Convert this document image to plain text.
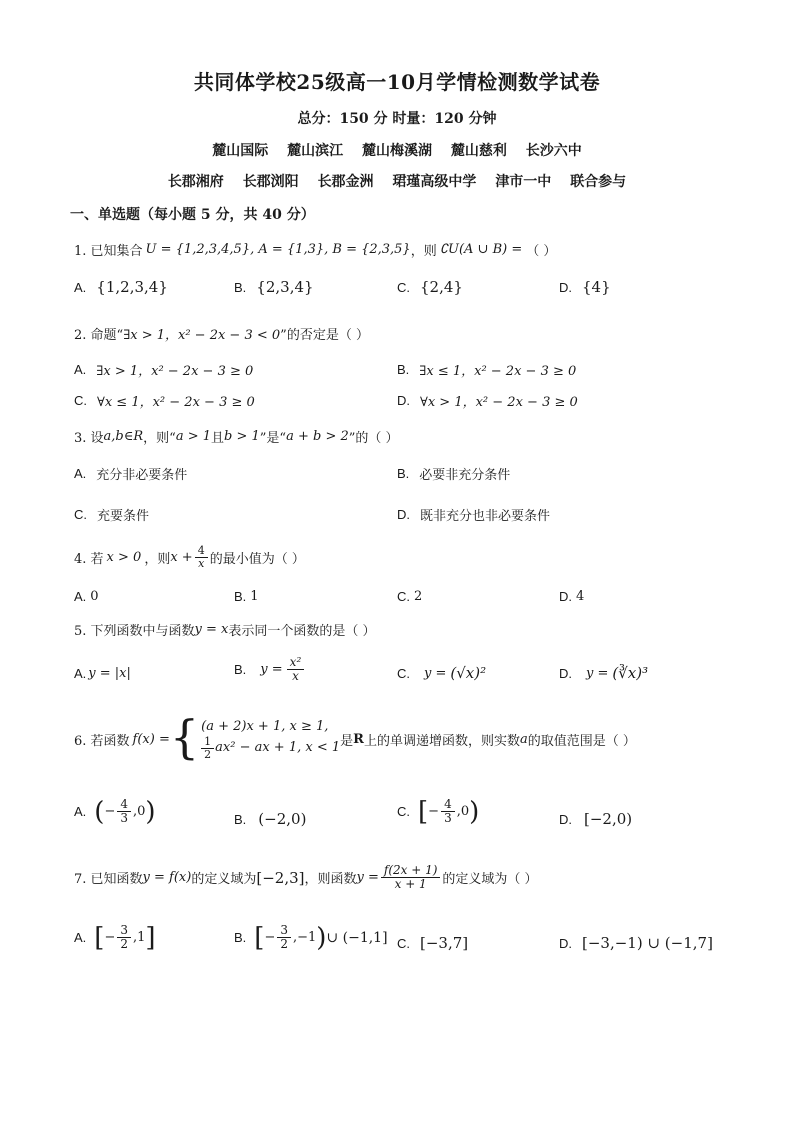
共同体学校25级高一10月学情检测数学试卷
总分：150 分 时量：120 分钟
麓山国际 麓山滨江 麓山梅溪湖 麓山慈利 长沙六中
长郡湘府 长郡浏阳 长郡金洲 珺瑾高级中学 津市一中 联合参与
一、单选题（每小题 5 分，共 40 分）
1. 已知集合 U = {1,2,3,4,5}, A = {1,3}, B = {2,3,5} ，则 ∁U(A ∪ B) = （ ）
A. {1,2,3,4}	B. {2,3,4}	C. {2,4}	D. {4}
2. 命题“ ∃x > 1，x² − 2x − 3 < 0 ”的否定是（ ）
A. ∃x > 1，x² − 2x − 3 ≥ 0	B. ∃x ≤ 1，x² − 2x − 3 ≥ 0
C. ∀x ≤ 1，x² − 2x − 3 ≥ 0	D. ∀x > 1，x² − 2x − 3 ≥ 0
3. 设 a,b∈R ，则“ a > 1 且 b > 1 ”是“ a + b > 2 ”的（ ）
A. 充分非必要条件	B. 必要非充分条件
C. 充要条件	D. 既非充分也非必要条件
4. 若 x > 0 ，则 $x + \frac{4}{x}$ 的最小值为（ ）
A. 0	B. 1	C. 2	D. 4
5. 下列函数中与函数 y = x 表示同一个函数的是（ ）
A. y = |x|	B. $y = \frac{\text{x²}}{x}$	C. y = (√x)²	D. y = (∛x)³
6. 若函数 f(x) = { (a + 2)x + 1, x ≥ 1,
$\frac{1}{2} ax^2$ − ax + 1, x < 1 是 R 上的单调递增函数，则实数 a 的取值范围是（ ）
A. ( − $\frac{4}{3} ,0$ )	B. (−2,0)	C. [ − $\frac{4}{3} ,0$ )	D. [−2,0)
7. 已知函数 y = f(x) 的定义域为 [−2,3] ，则函数 $y = \frac{f(2x + 1)}{x + 1}$ 的定义域为（ ）
A. [ − $\frac{3}{2} ,1$ ]	B. [ − $\frac{3}{2} ,-1$ ) ∪ (−1,1] C. [−3,7]	D. [−3,−1) ∪ (−1,7]
